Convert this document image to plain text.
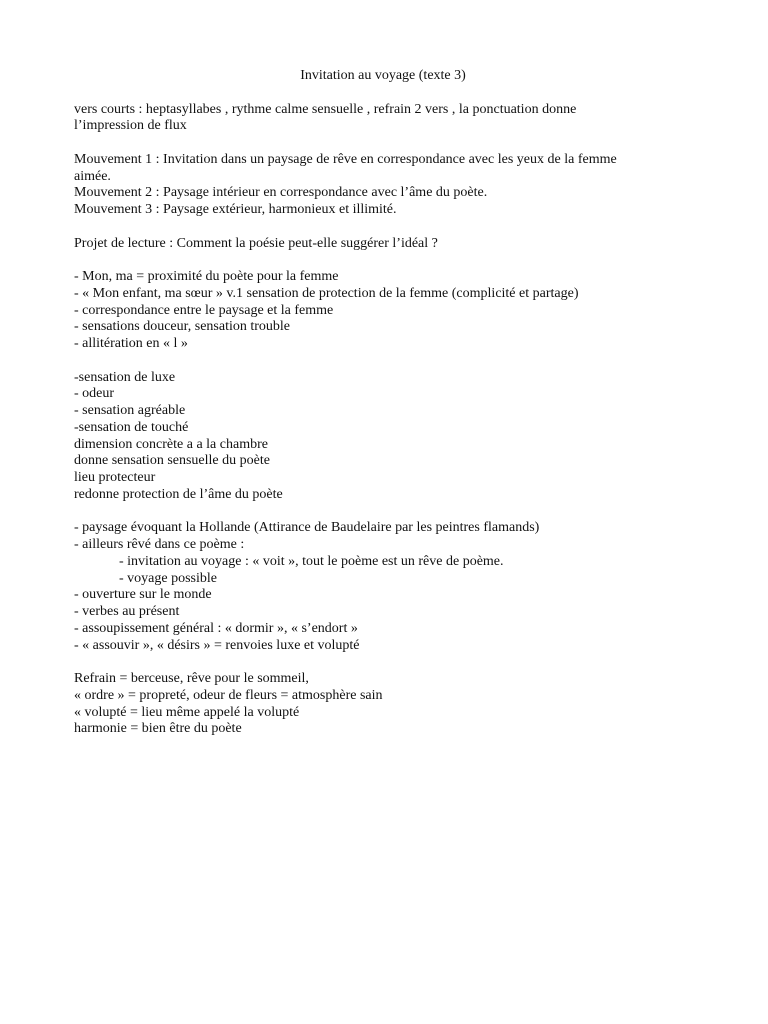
Invitation au voyage (texte 3)

vers courts : heptasyllabes , rythme calme sensuelle , refrain 2 vers , la ponctuation donne

l’impression de flux

Mouvement 1 : Invitation dans un paysage de rêve en correspondance avec les yeux de la femme

aimée.

Mouvement 2 : Paysage intérieur en correspondance avec l’âme du poète.

Mouvement 3 : Paysage extérieur, harmonieux et illimité.

Projet de lecture : Comment la poésie peut-elle suggérer l’idéal ?

- Mon, ma = proximité du poète pour la femme

- « Mon enfant, ma sœur » v.1 sensation de protection de la femme (complicité et partage)

- correspondance entre le paysage et la femme

- sensations douceur, sensation trouble

- allitération en « l »

-sensation de luxe

- odeur

- sensation agréable

-sensation de touché

dimension concrète a a la chambre

donne sensation sensuelle du poète

lieu protecteur

redonne protection de l’âme du poète

- paysage évoquant la Hollande (Attirance de Baudelaire par les peintres flamands)

- ailleurs rêvé dans ce poème :

- invitation au voyage : « voit », tout le poème est un rêve de poème.

- voyage possible

- ouverture sur le monde

- verbes au présent

- assoupissement général : « dormir », « s’endort »

- « assouvir », « désirs » = renvoies luxe et volupté

Refrain = berceuse, rêve pour le sommeil,

« ordre » = propreté, odeur de fleurs = atmosphère sain

« volupté = lieu même appelé la volupté

harmonie = bien être du poète
